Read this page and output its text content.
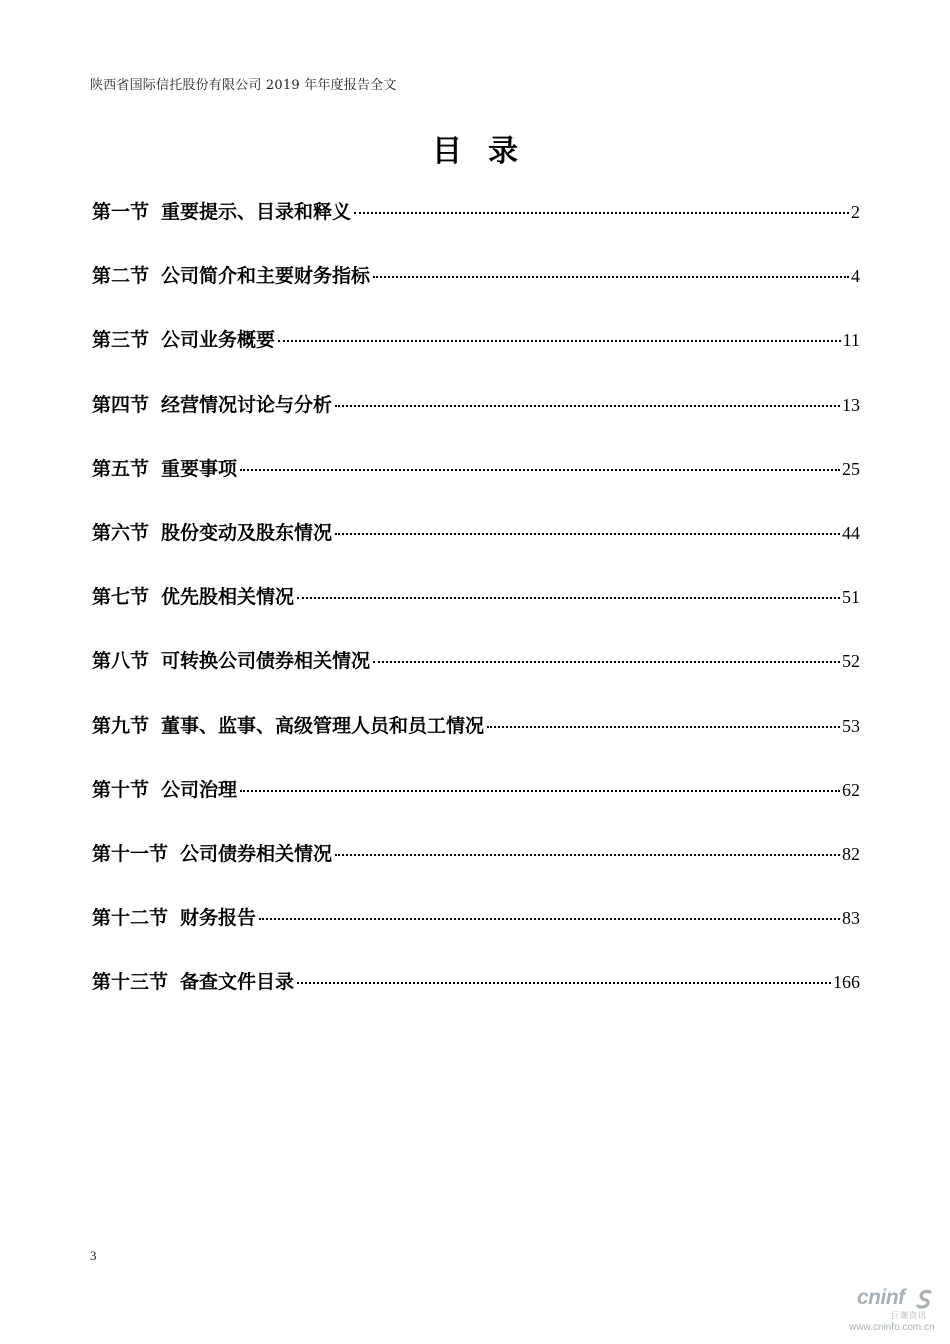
陕西省国际信托股份有限公司 2019 年年度报告全文
目录
第一节 重要提示、目录和释义	2
第二节 公司简介和主要财务指标	4
第三节 公司业务概要	11
第四节 经营情况讨论与分析	13
第五节 重要事项	25
第六节 股份变动及股东情况	44
第七节 优先股相关情况	51
第八节 可转换公司债券相关情况	52
第九节 董事、监事、高级管理人员和员工情况	53
第十节 公司治理	62
第十一节 公司债券相关情况	82
第十二节 财务报告	83
第十三节 备查文件目录	166
3
cninf
巨潮资讯
www.cninfo.com.cn
